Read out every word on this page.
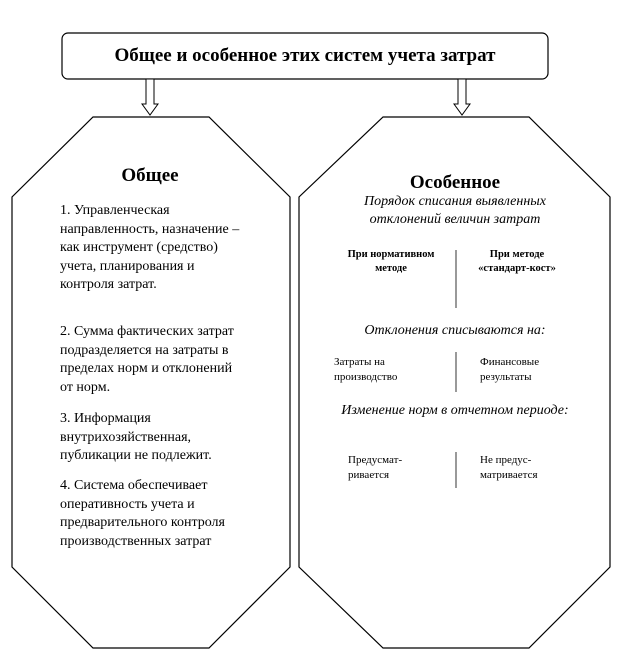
Общее и особенное этих систем учета затрат
Общее
1. Управленческая направленность, назначение – как инструмент (средство) учета, планирования и контроля затрат.
2. Сумма фактических затрат подразделяется на затраты в пределах норм и отклонений от норм.
3. Информация внутрихозяйственная, публикации не подлежит.
4. Система обеспечивает оперативность учета и предварительного контроля производственных затрат
Особенное
Порядок списания выявленных отклонений величин затрат
При нормативном методе
При методе «стандарт-кост»
Отклонения списываются на:
Затраты на производство
Финансовые результаты
Изменение норм в отчетном периоде:
Предусмат-ривается
Не предус-матривается
